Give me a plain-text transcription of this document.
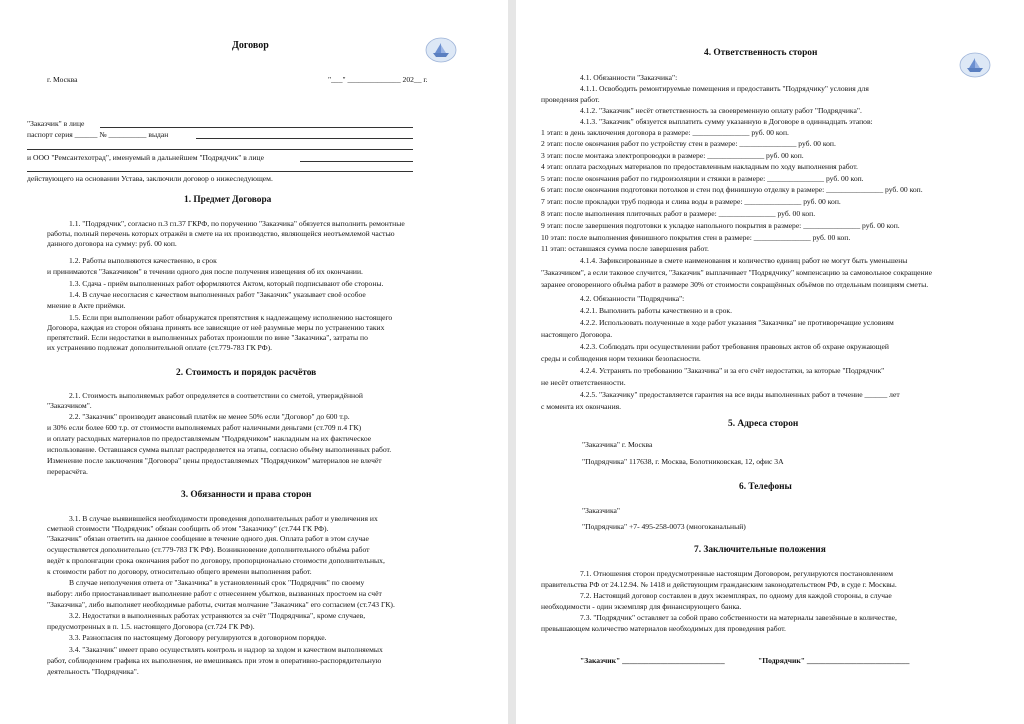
Договор
г. Москва	"___" ______________ 202__ г.
"Заказчик" в лице
паспорт серия ______ № __________ выдан
и ООО "Ремсантехотрад", именуемый в дальнейшем "Подрядчик" в лице
действующего на основании Устава, заключили договор о нижеследующем.
1. Предмет Договора
1.1. "Подрядчик", согласно п.3 гл.37 ГКРФ, по поручению "Заказчика" обязуется выполнить ремонтные
работы, полный перечень которых отражён в смете на их производство, являющейся неотъемлемой частью
данного договора на сумму: руб. 00 коп.
1.2. Работы выполняются качественно, в срок
и принимаются "Заказчиком" в течении одного дня после получения извещения об их окончании.
1.3. Сдача - приём выполненных работ оформляются Актом, который подписывают обе стороны.
1.4. В случае несогласия с качеством выполненных работ "Заказчик" указывает своё особое
мнение в Акте приёмки.
1.5. Если при выполнении работ обнаружатся препятствия к надлежащему исполнению настоящего
Договора, каждая из сторон обязана принять все зависящие от неё разумные меры по устранению таких
препятствий. Если недостатки в выполненных работах произошли по вине "Заказчика", затраты по
их устранению подлежат дополнительной оплате (ст.779-783 ГК РФ).
2. Стоимость и порядок расчётов
2.1. Стоимость выполняемых работ определяется в соответствии со сметой, утверждённой
"Заказчиком".
2.2. "Заказчик" производит авансовый платёж не менее 50% если "Договор" до 600 т.р.
и 30% если более 600 т.р. от стоимости выполняемых работ наличными деньгами (ст.709 п.4 ГК)
и оплату расходных материалов по предоставляемым "Подрядчиком" накладным на их фактическое
использование. Оставшаяся сумма выплат распределяется на этапы, согласно объёму выполненных работ.
Изменение после заключения "Договора" цены предоставляемых "Подрядчиком" материалов не влечёт
перерасчёта.
3. Обязанности и права сторон
3.1. В случае выявившейся необходимости проведения дополнительных работ и увеличения их
сметной стоимости "Подрядчик" обязан сообщить об этом "Заказчику" (ст.744 ГК РФ).
"Заказчик" обязан ответить на данное сообщение в течение одного дня. Оплата работ в этом случае
осуществляется дополнительно (ст.779-783 ГК РФ). Возникновение дополнительного объёма работ
ведёт к пролонгации срока окончания работ по договору, пропорционально стоимости дополнительных,
к стоимости работ по договору, относительно общего времени выполнения работ.
В случае неполучения ответа от "Заказчика" в установленный срок "Подрядчик" по своему
выбору: либо приостанавливает выполнение работ с отнесением убытков, вызванных простоем на счёт
"Заказчика", либо выполняет необходимые работы, считая молчание "Заказчика" его согласием (ст.743 ГК).
3.2. Недостатки в выполненных работах устраняются за счёт "Подрядчика", кроме случаев,
предусмотренных в п. 1.5. настоящего Договора (ст.724 ГК РФ).
3.3. Разногласия по настоящему Договору регулируются в договорном порядке.
3.4. "Заказчик" имеет право осуществлять контроль и надзор за ходом и качеством выполняемых
работ, соблюдением графика их выполнения, не вмешиваясь при этом в оперативно-распорядительную
деятельность "Подрядчика".
4. Ответственность сторон
4.1. Обязанности "Заказчика":
4.1.1. Освободить ремонтируемые помещения и предоставить "Подрядчику" условия для
проведения работ.
4.1.2. "Заказчик" несёт ответственность за своевременную оплату работ "Подрядчика".
4.1.3. "Заказчик" обязуется выплатить сумму указанную в Договоре в одиннадцать этапов:
1 этап: в день заключения договора в размере: _______________ руб. 00 коп.
2 этап: после окончания работ по устройству стен в размере: _______________ руб. 00 коп.
3 этап: после монтажа электропроводки в размере: _______________ руб. 00 коп.
4 этап: оплата расходных материалов по предоставленным накладным по ходу выполнения работ.
5 этап: после окончания работ по гидроизоляции и стяжки в размере: _______________ руб. 00 коп.
6 этап: после окончания подготовки потолков и стен под финишную отделку в размере: _______________ руб. 00 коп.
7 этап: после прокладки труб подвода и слива воды в размере: _______________ руб. 00 коп.
8 этап: после выполнения плиточных работ в размере: _______________ руб. 00 коп.
9 этап: после завершения подготовки к укладке напольного покрытия в размере: _______________ руб. 00 коп.
10 этап: после выполнения финишного покрытия стен в размере: _______________ руб. 00 коп.
11 этап: оставшаяся сумма после завершения работ.
4.1.4. Зафиксированные в смете наименования и количество единиц работ не могут быть уменьшены
"Заказчиком", а если таковое случится, "Заказчик" выплачивает "Подрядчику" компенсацию за самовольное сокращение
заранее оговоренного объёма работ в размере 30% от стоимости сокращённых объёмов по отдельным позициям сметы.
4.2. Обязанности "Подрядчика":
4.2.1. Выполнить работы качественно и в срок.
4.2.2. Использовать полученные в ходе работ указания "Заказчика" не противоречащие условиям
настоящего Договора.
4.2.3. Соблюдать при осуществлении работ требования правовых актов об охране окружающей
среды и соблюдения норм техники безопасности.
4.2.4. Устранять по требованию "Заказчика" и за его счёт недостатки, за которые "Подрядчик"
не несёт ответственности.
4.2.5. "Заказчику" предоставляется гарантия на все виды выполненных работ в течение ______ лет
с момента их окончания.
5. Адреса сторон
"Заказчика" г. Москва
"Подрядчика" 117638, г. Москва, Болотниковская, 12, офис 3А
6. Телефоны
"Заказчика"
"Подрядчика" +7- 495-258-0073 (многоканальный)
7. Заключительные положения
7.1. Отношения сторон предусмотренные настоящим Договором, регулируются постановлением
правительства РФ от 24.12.94. № 1418 и действующим гражданским законодательством РФ, в суде г. Москвы.
7.2. Настоящий договор составлен в двух экземплярах, по одному для каждой стороны, в случае
необходимости - один экземпляр для финансирующего банка.
7.3. "Подрядчик" оставляет за собой право собственности на материалы завезённые в количестве,
превышающем количество материалов необходимых для проведения работ.
"Заказчик" ___________________________	"Подрядчик" ___________________________
